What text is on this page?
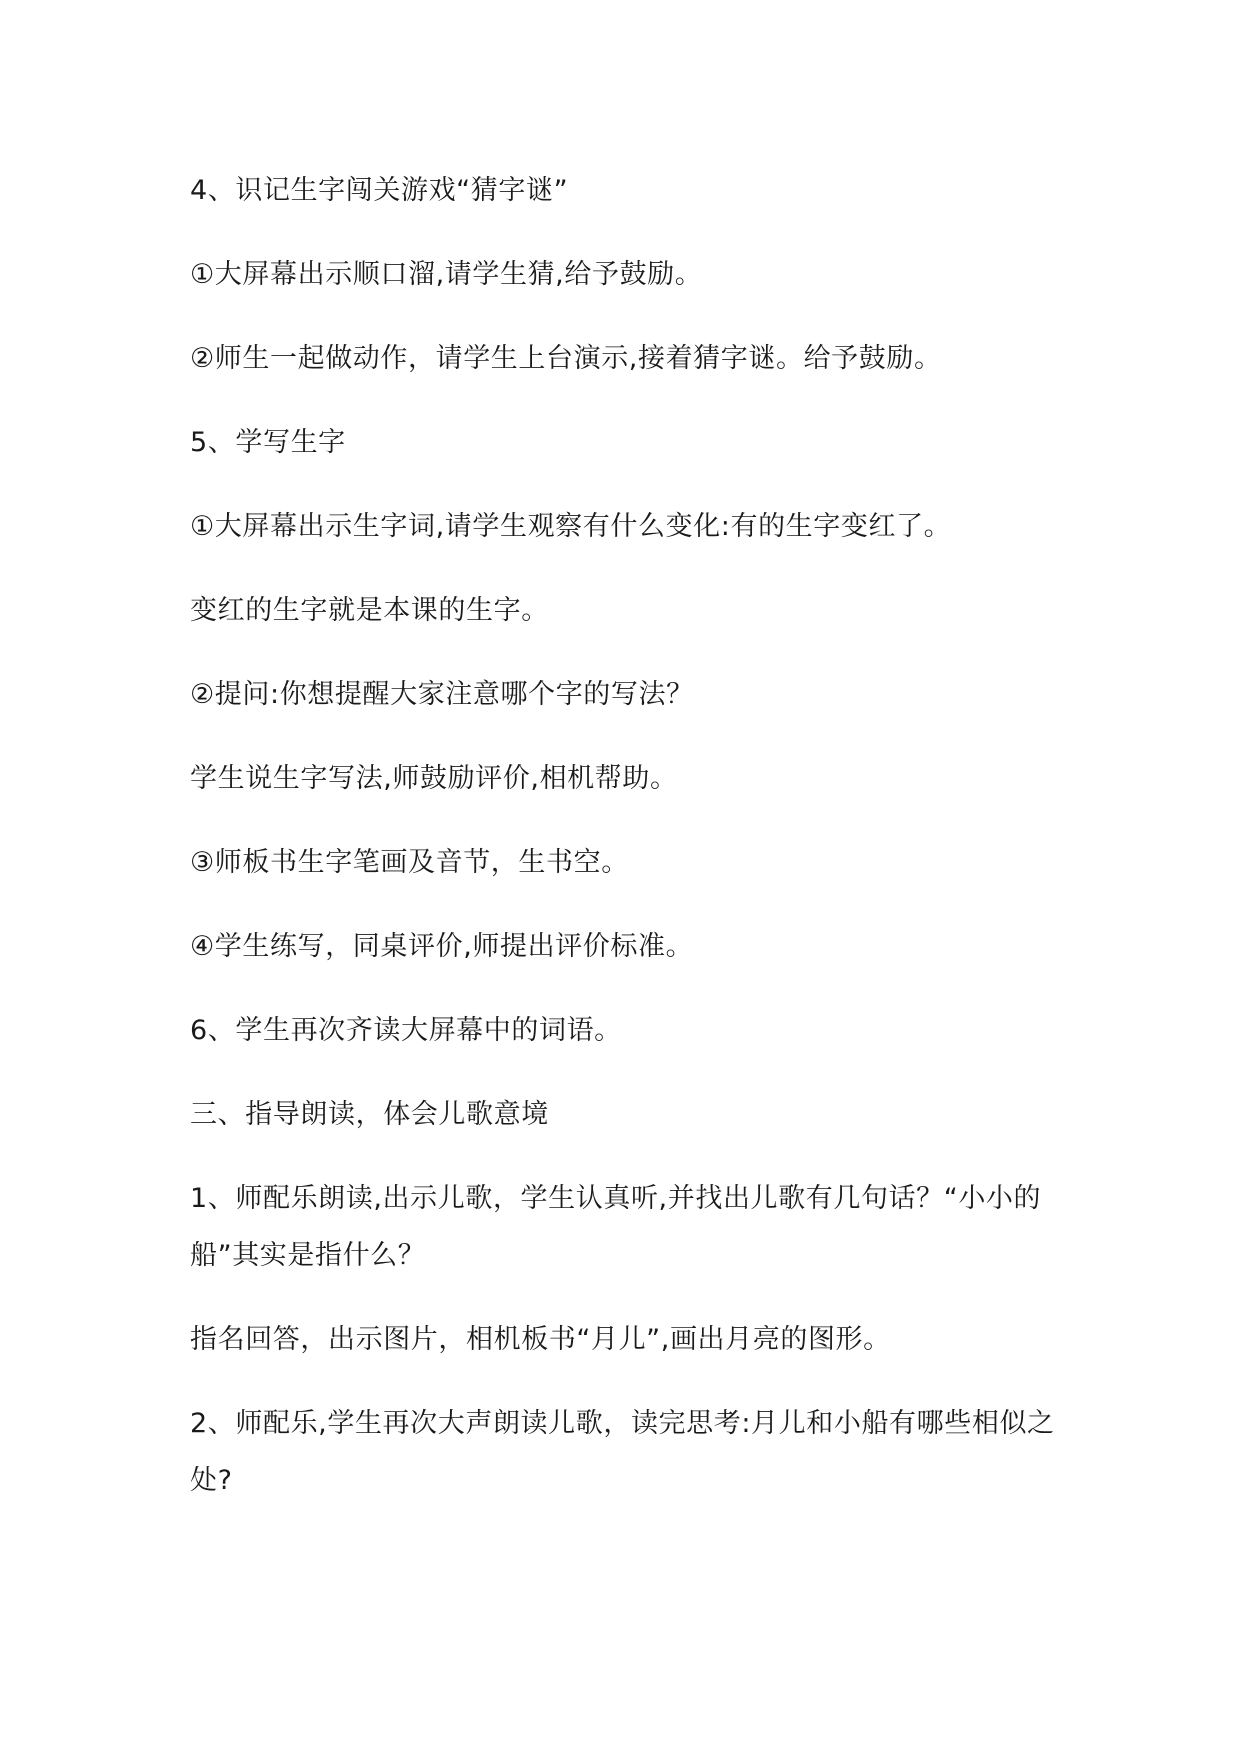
4、识记生字闯关游戏“猜字谜”

①大屏幕出示顺口溜,请学生猜,给予鼓励。

②师生一起做动作，请学生上台演示,接着猜字谜。给予鼓励。

5、学写生字

①大屏幕出示生字词,请学生观察有什么变化:有的生字变红了。

变红的生字就是本课的生字。

②提问:你想提醒大家注意哪个字的写法？

学生说生字写法,师鼓励评价,相机帮助。

③师板书生字笔画及音节，生书空。

④学生练写，同桌评价,师提出评价标准。

6、学生再次齐读大屏幕中的词语。

三、指导朗读，体会儿歌意境

1、师配乐朗读,出示儿歌，学生认真听,并找出儿歌有几句话？“小小的船”其实是指什么？

指名回答，出示图片，相机板书“月儿”,画出月亮的图形。

2、师配乐,学生再次大声朗读儿歌，读完思考:月儿和小船有哪些相似之处?
